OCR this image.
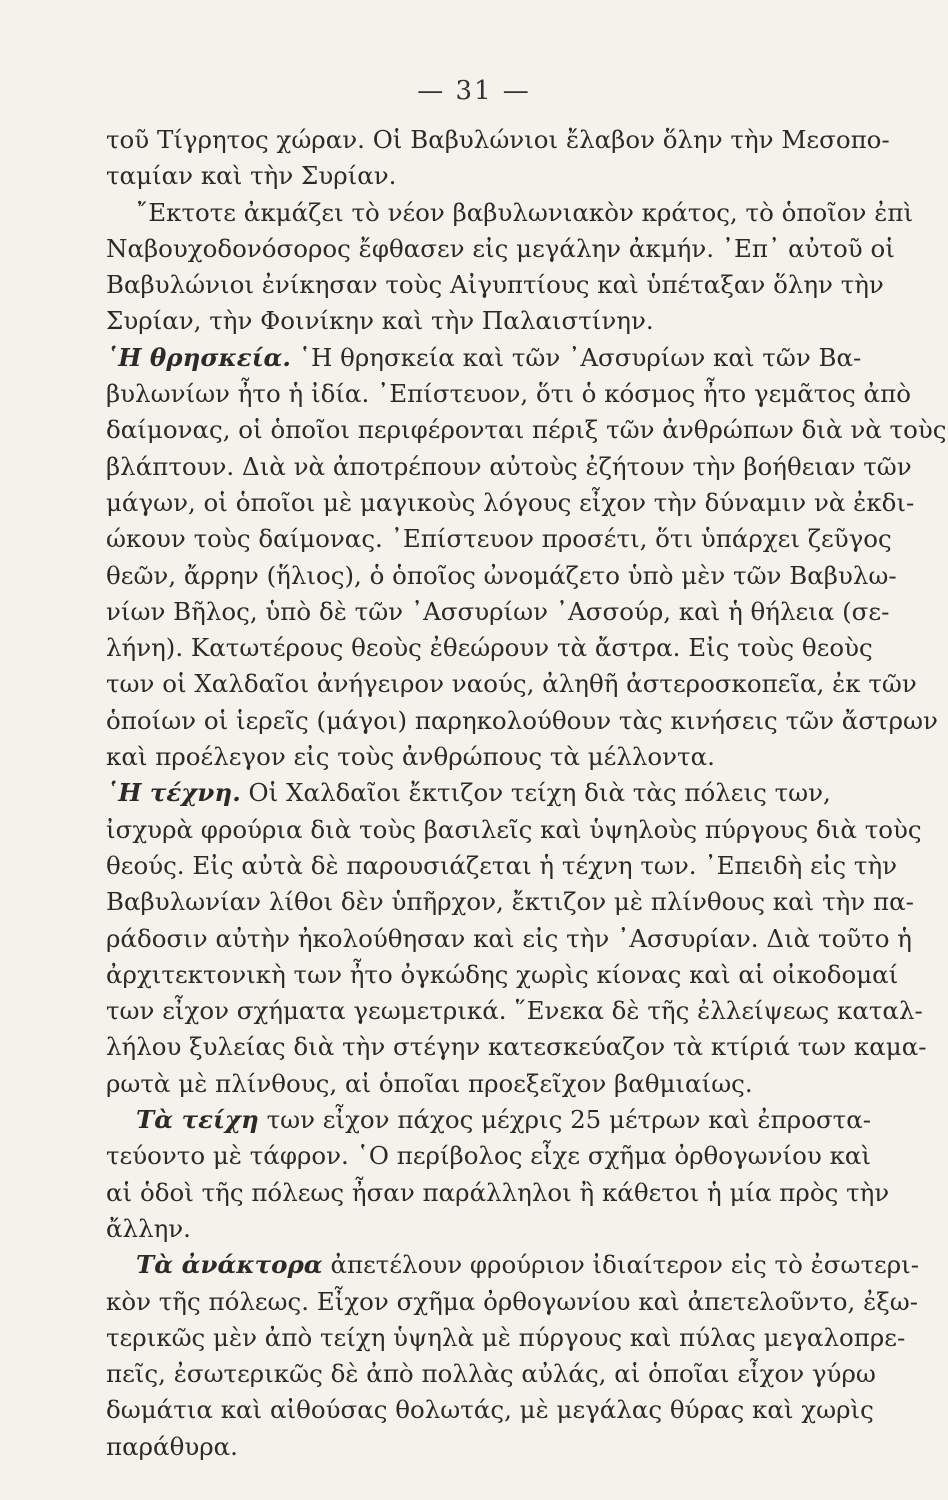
— 31 —
τοῦ Τίγρητος χώραν. Οἱ Βαβυλώνιοι ἔλαβον ὅλην τὴν Μεσοπο-
ταμίαν καὶ τὴν Συρίαν.
῎Εκτοτε ἀκμάζει τὸ νέον βαβυλωνιακὸν κράτος, τὸ ὁποῖον ἐπὶ
Ναβουχοδονόσορος ἔφθασεν εἰς μεγάλην ἀκμήν. ᾿Επ᾿ αὐτοῦ οἱ
Βαβυλώνιοι ἐνίκησαν τοὺς Αἰγυπτίους καὶ ὑπέταξαν ὅλην τὴν
Συρίαν, τὴν Φοινίκην καὶ τὴν Παλαιστίνην.
῾Η θρησκεία. ῾Η θρησκεία καὶ τῶν ᾿Ασσυρίων καὶ τῶν Βα-
βυλωνίων ἦτο ἡ ἰδία. ᾿Επίστευον, ὅτι ὁ κόσμος ἦτο γεμᾶτος ἀπὸ
δαίμονας, οἱ ὁποῖοι περιφέρονται πέριξ τῶν ἀνθρώπων διὰ νὰ τοὺς
βλάπτουν. Διὰ νὰ ἀποτρέπουν αὐτοὺς ἐζήτουν τὴν βοήθειαν τῶν
μάγων, οἱ ὁποῖοι μὲ μαγικοὺς λόγους εἶχον τὴν δύναμιν νὰ ἐκδι-
ώκουν τοὺς δαίμονας. ᾿Επίστευον προσέτι, ὅτι ὑπάρχει ζεῦγος
θεῶν, ἄρρην (ἥλιος), ὁ ὁποῖος ὠνομάζετο ὑπὸ μὲν τῶν Βαβυλω-
νίων Βῆλος, ὑπὸ δὲ τῶν ᾿Ασσυρίων ᾿Ασσούρ, καὶ ἡ θήλεια (σε-
λήνη). Κατωτέρους θεοὺς ἐθεώρουν τὰ ἄστρα. Εἰς τοὺς θεοὺς
των οἱ Χαλδαῖοι ἀνήγειρον ναούς, ἀληθῆ ἀστεροσκοπεῖα, ἐκ τῶν
ὁποίων οἱ ἱερεῖς (μάγοι) παρηκολούθουν τὰς κινήσεις τῶν ἄστρων
καὶ προέλεγον εἰς τοὺς ἀνθρώπους τὰ μέλλοντα.
῾Η τέχνη. Οἱ Χαλδαῖοι ἔκτιζον τείχη διὰ τὰς πόλεις των,
ἰσχυρὰ φρούρια διὰ τοὺς βασιλεῖς καὶ ὑψηλοὺς πύργους διὰ τοὺς
θεούς. Εἰς αὐτὰ δὲ παρουσιάζεται ἡ τέχνη των. ᾿Επειδὴ εἰς τὴν
Βαβυλωνίαν λίθοι δὲν ὑπῆρχον, ἔκτιζον μὲ πλίνθους καὶ τὴν πα-
ράδοσιν αὐτὴν ἠκολούθησαν καὶ εἰς τὴν ᾿Ασσυρίαν. Διὰ τοῦτο ἡ
ἀρχιτεκτονικὴ των ἦτο ὀγκώδης χωρὶς κίονας καὶ αἱ οἰκοδομαί
των εἶχον σχήματα γεωμετρικά. ῞Ενεκα δὲ τῆς ἐλλείψεως καταλ-
λήλου ξυλείας διὰ τὴν στέγην κατεσκεύαζον τὰ κτίριά των καμα-
ρωτὰ μὲ πλίνθους, αἱ ὁποῖαι προεξεῖχον βαθμιαίως.
Τὰ τείχη των εἶχον πάχος μέχρις 25 μέτρων καὶ ἐπροστα-
τεύοντο μὲ τάφρον. ῾Ο περίβολος εἶχε σχῆμα ὀρθογωνίου καὶ
αἱ ὁδοὶ τῆς πόλεως ἦσαν παράλληλοι ἢ κάθετοι ἡ μία πρὸς τὴν
ἄλλην.
Τὰ ἀνάκτορα ἀπετέλουν φρούριον ἰδιαίτερον εἰς τὸ ἐσωτερι-
κὸν τῆς πόλεως. Εἶχον σχῆμα ὀρθογωνίου καὶ ἀπετελοῦντο, ἐξω-
τερικῶς μὲν ἀπὸ τείχη ὑψηλὰ μὲ πύργους καὶ πύλας μεγαλοπρε-
πεῖς, ἐσωτερικῶς δὲ ἀπὸ πολλὰς αὐλάς, αἱ ὁποῖαι εἶχον γύρω
δωμάτια καὶ αἰθούσας θολωτάς, μὲ μεγάλας θύρας καὶ χωρὶς
παράθυρα.
